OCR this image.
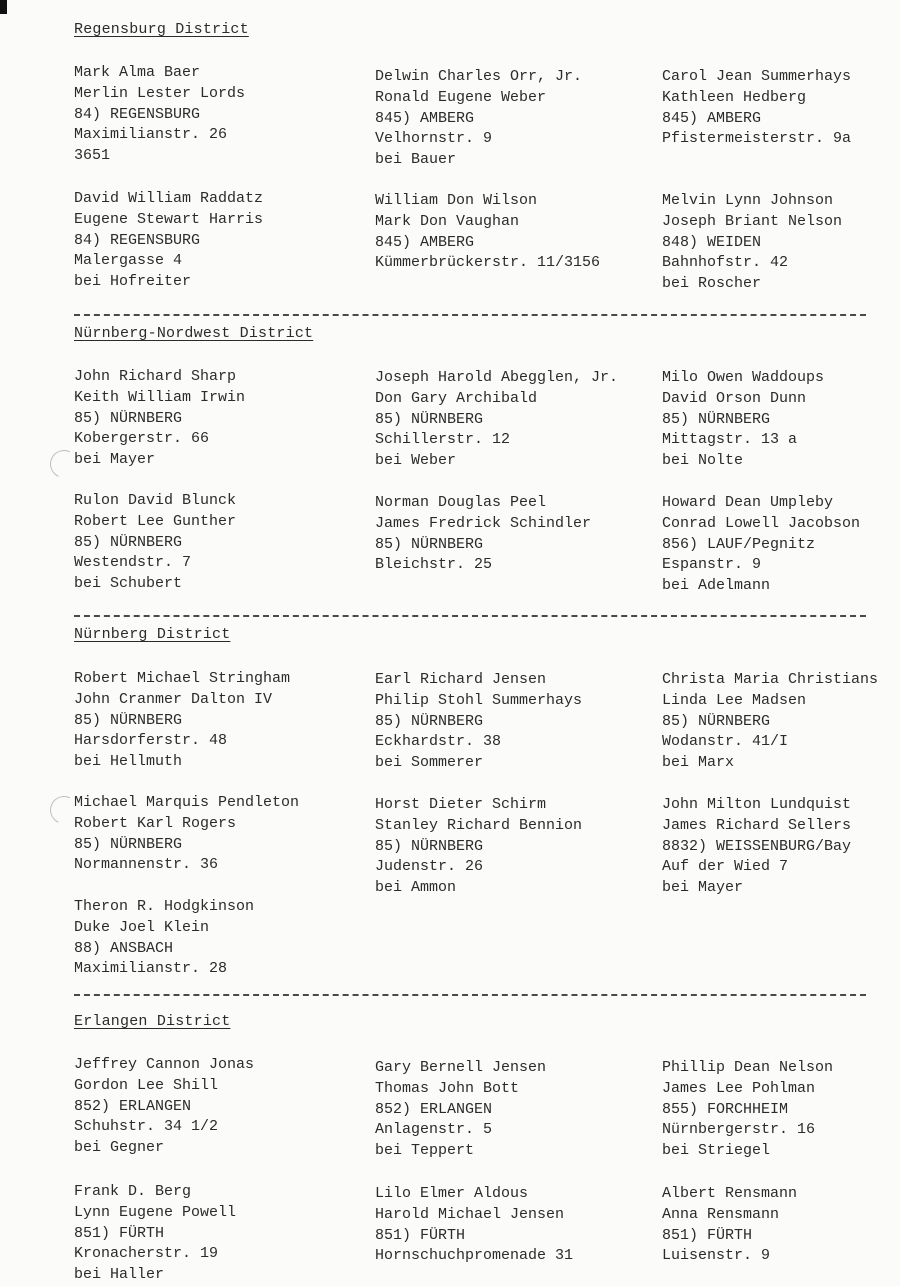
Regensburg District
Mark Alma Baer
Merlin Lester Lords
84) REGENSBURG
Maximilianstr. 26
3651
Delwin Charles Orr, Jr.
Ronald Eugene Weber
845) AMBERG
Velhornstr. 9
bei Bauer
Carol Jean Summerhays
Kathleen Hedberg
845) AMBERG
Pfistermeisterstr. 9a
David William Raddatz
Eugene Stewart Harris
84) REGENSBURG
Malergasse 4
bei Hofreiter
William Don Wilson
Mark Don Vaughan
845) AMBERG
Kümmerbrückerstr. 11/3156
Melvin Lynn Johnson
Joseph Briant Nelson
848) WEIDEN
Bahnhofstr. 42
bei Roscher
Nürnberg-Nordwest District
John Richard Sharp
Keith William Irwin
85) NÜRNBERG
Kobergerstr. 66
bei Mayer
Joseph Harold Abegglen, Jr.
Don Gary Archibald
85) NÜRNBERG
Schillerstr. 12
bei Weber
Milo Owen Waddoups
David Orson Dunn
85) NÜRNBERG
Mittagstr. 13 a
bei Nolte
Rulon David Blunck
Robert Lee Gunther
85) NÜRNBERG
Westendstr. 7
bei Schubert
Norman Douglas Peel
James Fredrick Schindler
85) NÜRNBERG
Bleichstr. 25
Howard Dean Umpleby
Conrad Lowell Jacobson
856) LAUF/Pegnitz
Espanstr. 9
bei Adelmann
Nürnberg District
Robert Michael Stringham
John Cranmer Dalton IV
85) NÜRNBERG
Harsdorferstr. 48
bei Hellmuth
Earl Richard Jensen
Philip Stohl Summerhays
85) NÜRNBERG
Eckhardstr. 38
bei Sommerer
Christa Maria Christians
Linda Lee Madsen
85) NÜRNBERG
Wodanstr. 41/I
bei Marx
Michael Marquis Pendleton
Robert Karl Rogers
85) NÜRNBERG
Normannenstr. 36
Horst Dieter Schirm
Stanley Richard Bennion
85) NÜRNBERG
Judenstr. 26
bei Ammon
John Milton Lundquist
James Richard Sellers
8832) WEISSENBURG/Bay
Auf der Wied 7
bei Mayer
Theron R. Hodgkinson
Duke Joel Klein
88) ANSBACH
Maximilianstr. 28
Erlangen District
Jeffrey Cannon Jonas
Gordon Lee Shill
852) ERLANGEN
Schuhstr. 34 1/2
bei Gegner
Gary Bernell Jensen
Thomas John Bott
852) ERLANGEN
Anlagenstr. 5
bei Teppert
Phillip Dean Nelson
James Lee Pohlman
855) FORCHHEIM
Nürnbergerstr. 16
bei Striegel
Frank D. Berg
Lynn Eugene Powell
851) FÜRTH
Kronacherstr. 19
bei Haller
Lilo Elmer Aldous
Harold Michael Jensen
851) FÜRTH
Hornschuchpromenade 31
Albert Rensmann
Anna Rensmann
851) FÜRTH
Luisenstr. 9
